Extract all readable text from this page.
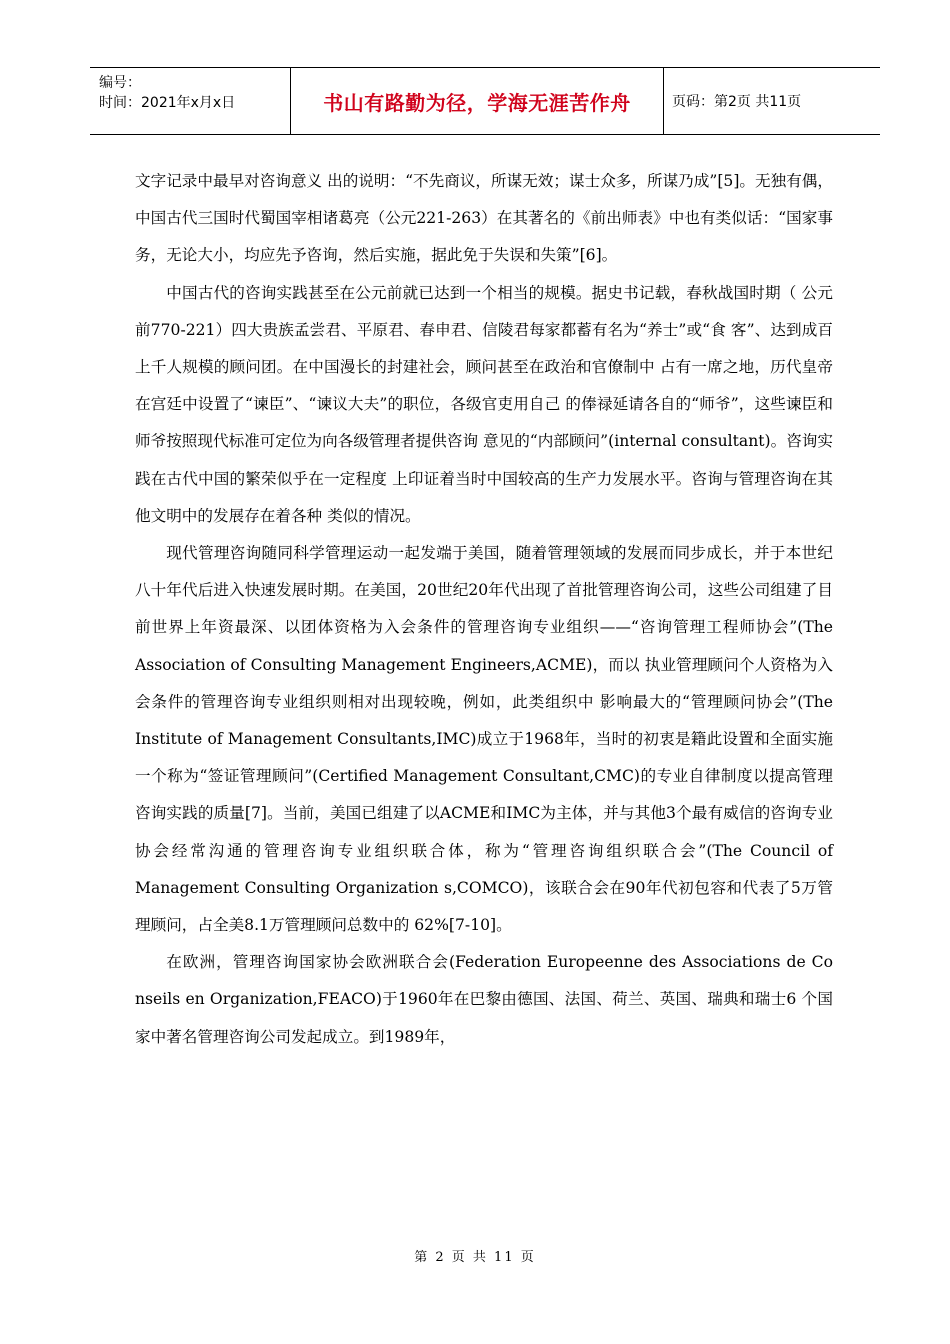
编号：
时间：2021年x月x日	书山有路勤为径，学海无涯苦作舟	页码：第2页 共11页

文字记录中最早对咨询意义 出的说明：“不先商议，所谋无效；谋士众多，所谋乃成”[5]。无独有偶，中国古代三国时代蜀国宰相诸葛亮（公元221-263）在其著名的《前出师表》中也有类似话：“国家事务，无论大小，均应先予咨询，然后实施，据此免于失误和失策”[6]。

中国古代的咨询实践甚至在公元前就已达到一个相当的规模。据史书记载，春秋战国时期（ 公元前770-221）四大贵族孟尝君、平原君、春申君、信陵君每家都蓄有名为“养士”或“食 客”、达到成百上千人规模的顾问团。在中国漫长的封建社会，顾问甚至在政治和官僚制中 占有一席之地，历代皇帝在宫廷中设置了“谏臣”、“谏议大夫”的职位，各级官吏用自己 的俸禄延请各自的“师爷”，这些谏臣和师爷按照现代标准可定位为向各级管理者提供咨询 意见的“内部顾问”(internal consultant)。咨询实践在古代中国的繁荣似乎在一定程度 上印证着当时中国较高的生产力发展水平。咨询与管理咨询在其他文明中的发展存在着各种 类似的情况。

现代管理咨询随同科学管理运动一起发端于美国，随着管理领域的发展而同步成长，并于本世纪八十年代后进入快速发展时期。在美国，20世纪20年代出现了首批管理咨询公司，这些公司组建了目前世界上年资最深、以团体资格为入会条件的管理咨询专业组织——“咨询管理工程师协会”(The Association of Consulting Management Engineers,ACME)，而以 执业管理顾问个人资格为入会条件的管理咨询专业组织则相对出现较晚，例如，此类组织中 影响最大的“管理顾问协会”(The Institute of Management Consultants,IMC)成立于1968年，当时的初衷是籍此设置和全面实施一个称为“签证管理顾问”(Certified Management Consultant,CMC)的专业自律制度以提高管理咨询实践的质量[7]。当前，美国已组建了以ACME和IMC为主体，并与其他3个最有威信的咨询专业协会经常沟通的管理咨询专业组织联合体，称为“管理咨询组织联合会”(The Council of Management Consulting Organization s,COMCO)，该联合会在90年代初包容和代表了5万管理顾问，占全美8.1万管理顾问总数中的 62%[7-10]。

在欧洲，管理咨询国家协会欧洲联合会(Federation Europeenne des Associations de Co nseils en Organization,FEACO)于1960年在巴黎由德国、法国、荷兰、英国、瑞典和瑞士6 个国家中著名管理咨询公司发起成立。到1989年，

第 2 页 共 11 页
